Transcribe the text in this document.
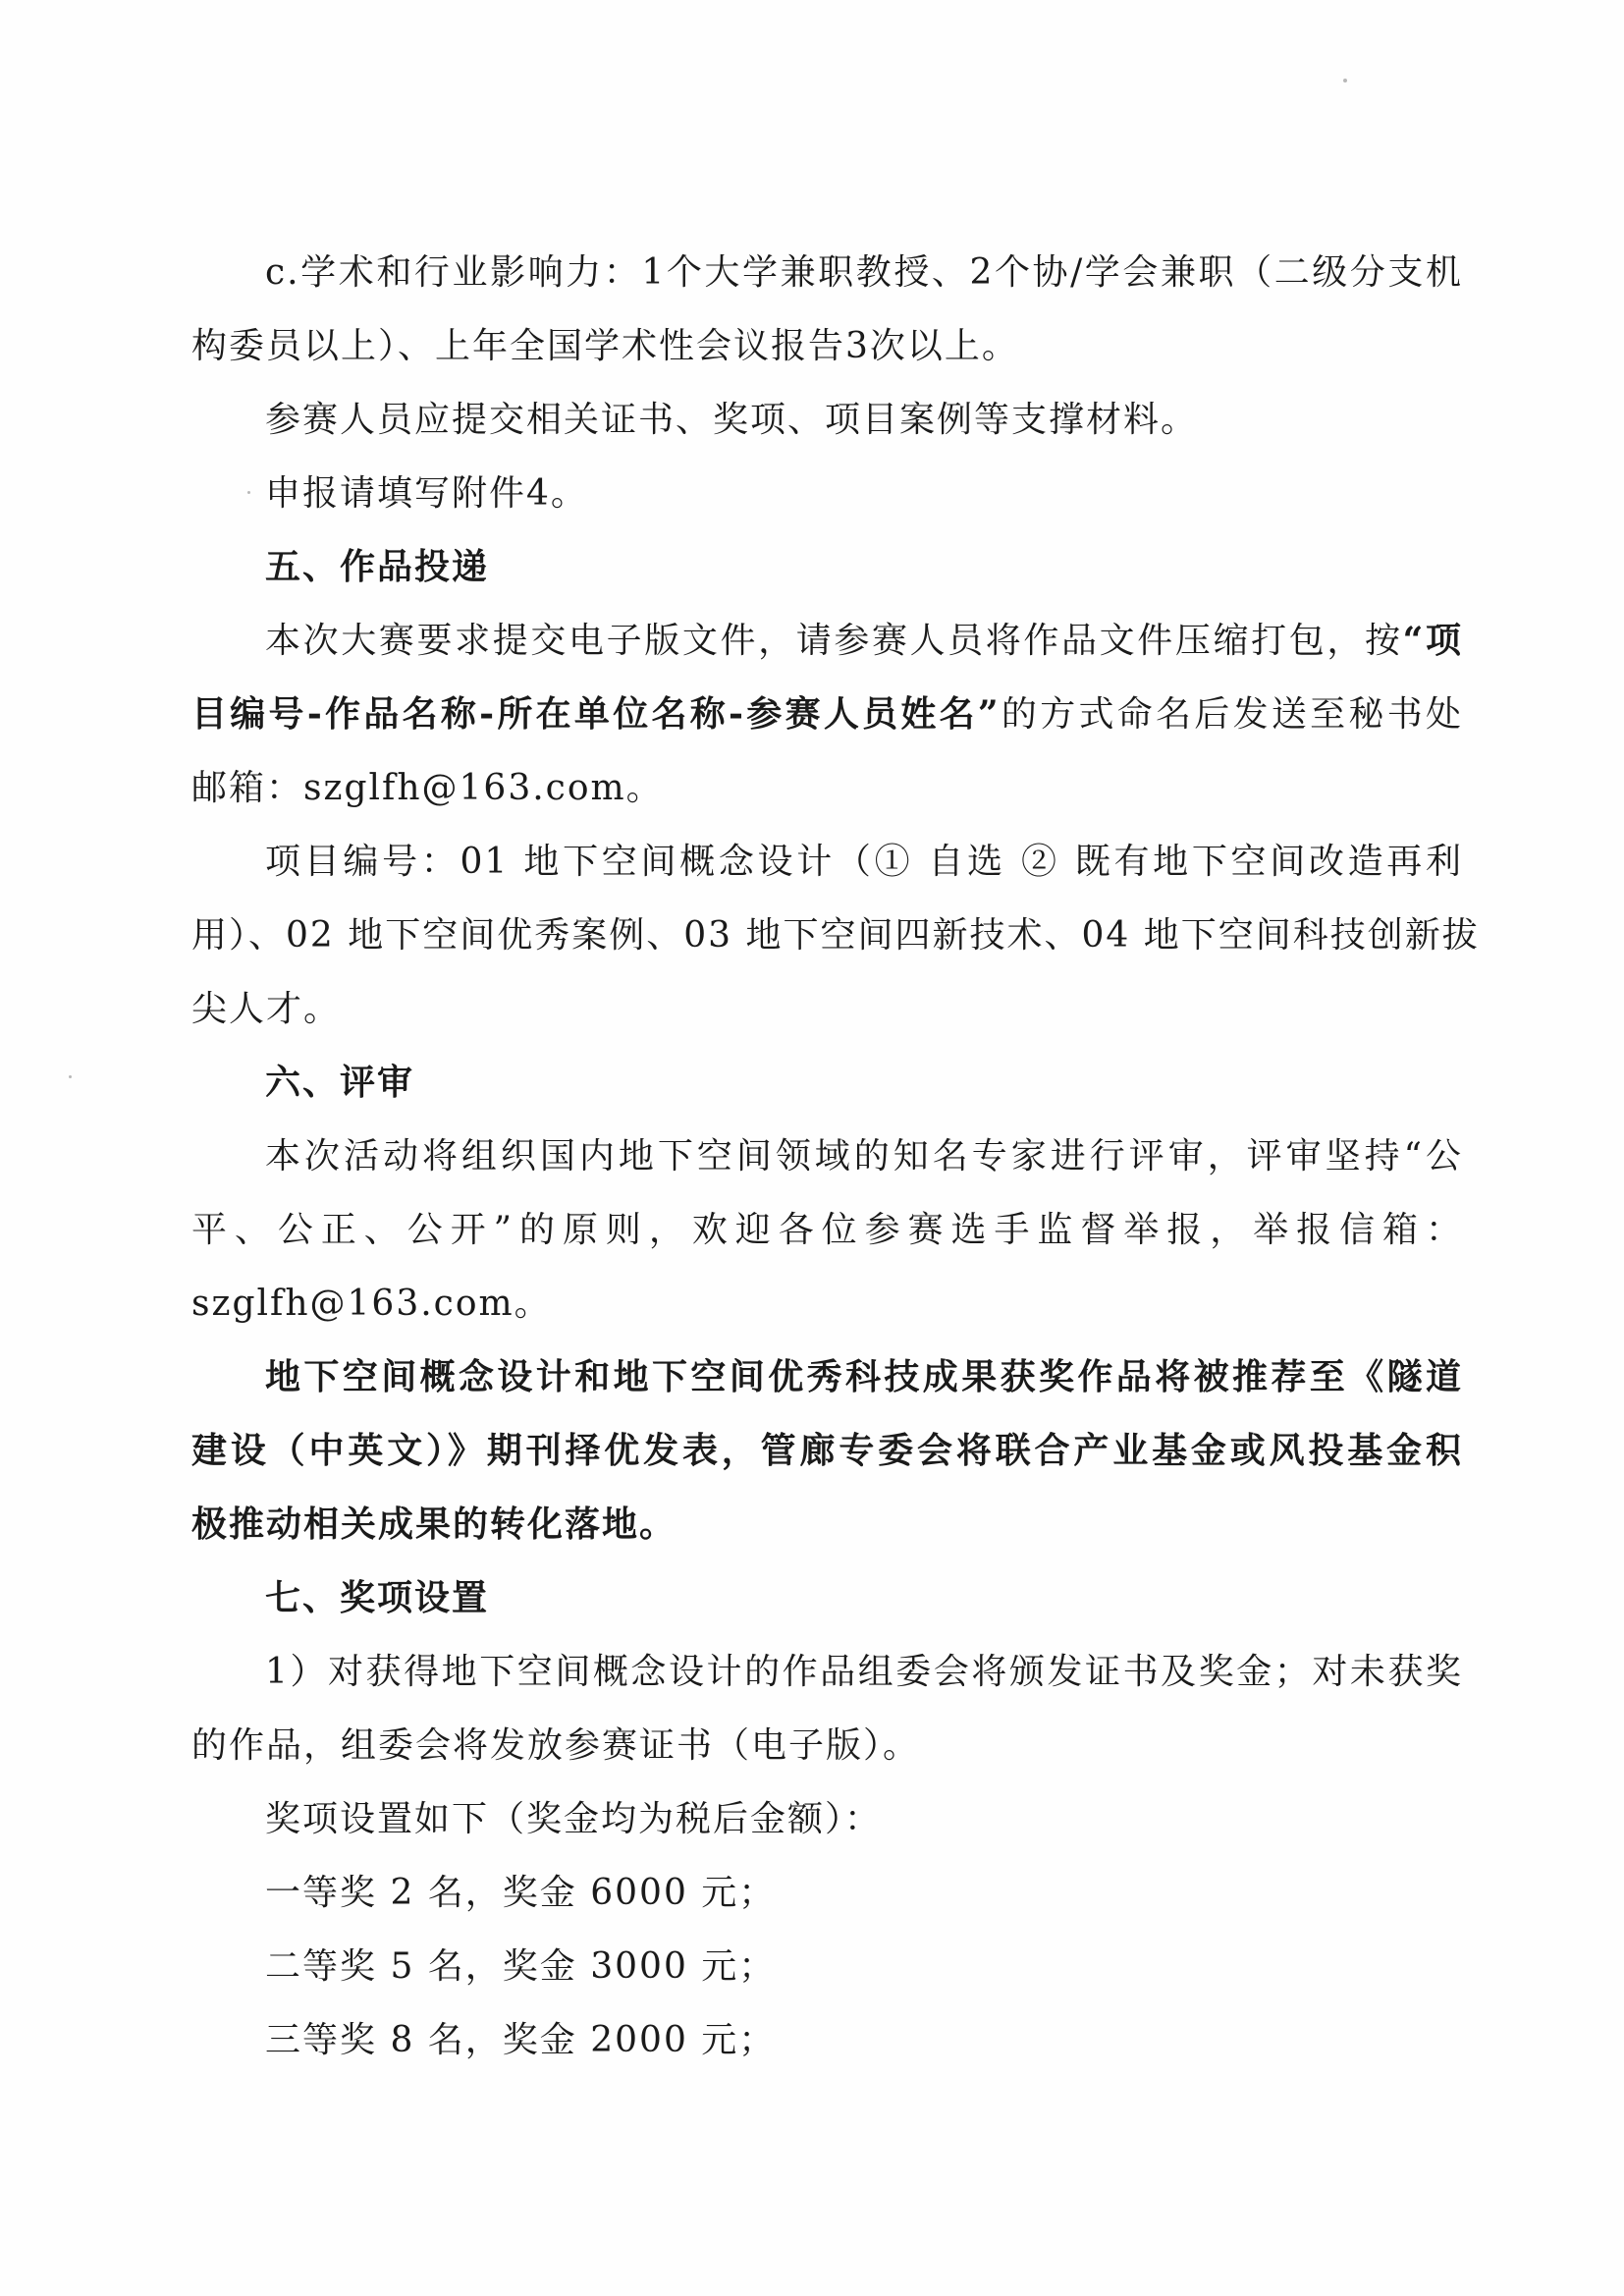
c.学术和行业影响力：1个大学兼职教授、2个协/学会兼职（二级分支机
构委员以上）、上年全国学术性会议报告3次以上。
参赛人员应提交相关证书、奖项、项目案例等支撑材料。
申报请填写附件4。
五、作品投递
本次大赛要求提交电子版文件，请参赛人员将作品文件压缩打包，按“项
目编号-作品名称-所在单位名称-参赛人员姓名”的方式命名后发送至秘书处
邮箱：szglfh@163.com。
项目编号：01 地下空间概念设计（① 自选 ② 既有地下空间改造再利
用）、02 地下空间优秀案例、03 地下空间四新技术、04 地下空间科技创新拔
尖人才。
六、评审
本次活动将组织国内地下空间领域的知名专家进行评审，评审坚持“公
平、公正、公开”的原则，欢迎各位参赛选手监督举报，举报信箱：
szglfh@163.com。
地下空间概念设计和地下空间优秀科技成果获奖作品将被推荐至《隧道
建设（中英文）》期刊择优发表，管廊专委会将联合产业基金或风投基金积
极推动相关成果的转化落地。
七、奖项设置
1）对获得地下空间概念设计的作品组委会将颁发证书及奖金；对未获奖
的作品，组委会将发放参赛证书（电子版）。
奖项设置如下（奖金均为税后金额）：
一等奖 2 名，奖金 6000 元；
二等奖 5 名，奖金 3000 元；
三等奖 8 名，奖金 2000 元；
